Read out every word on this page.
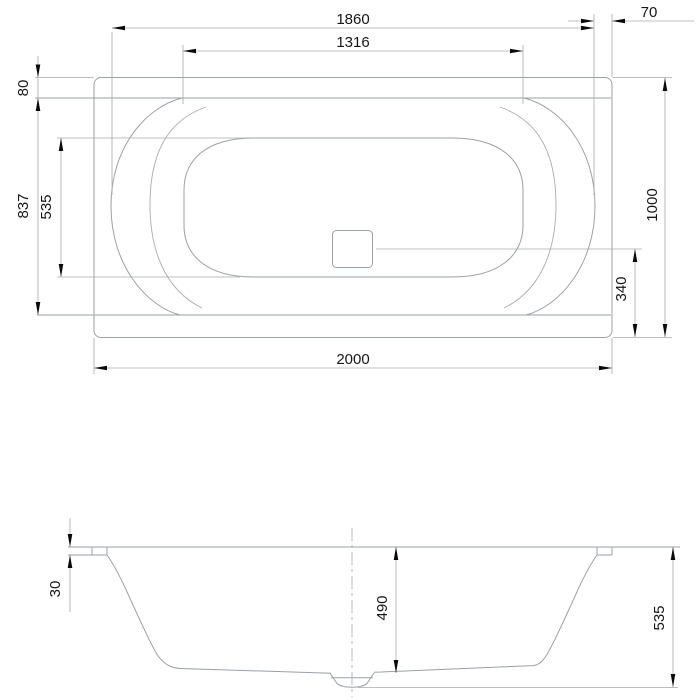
1860	70
1316
80
837 535	1000
340
2000
30
490	535
